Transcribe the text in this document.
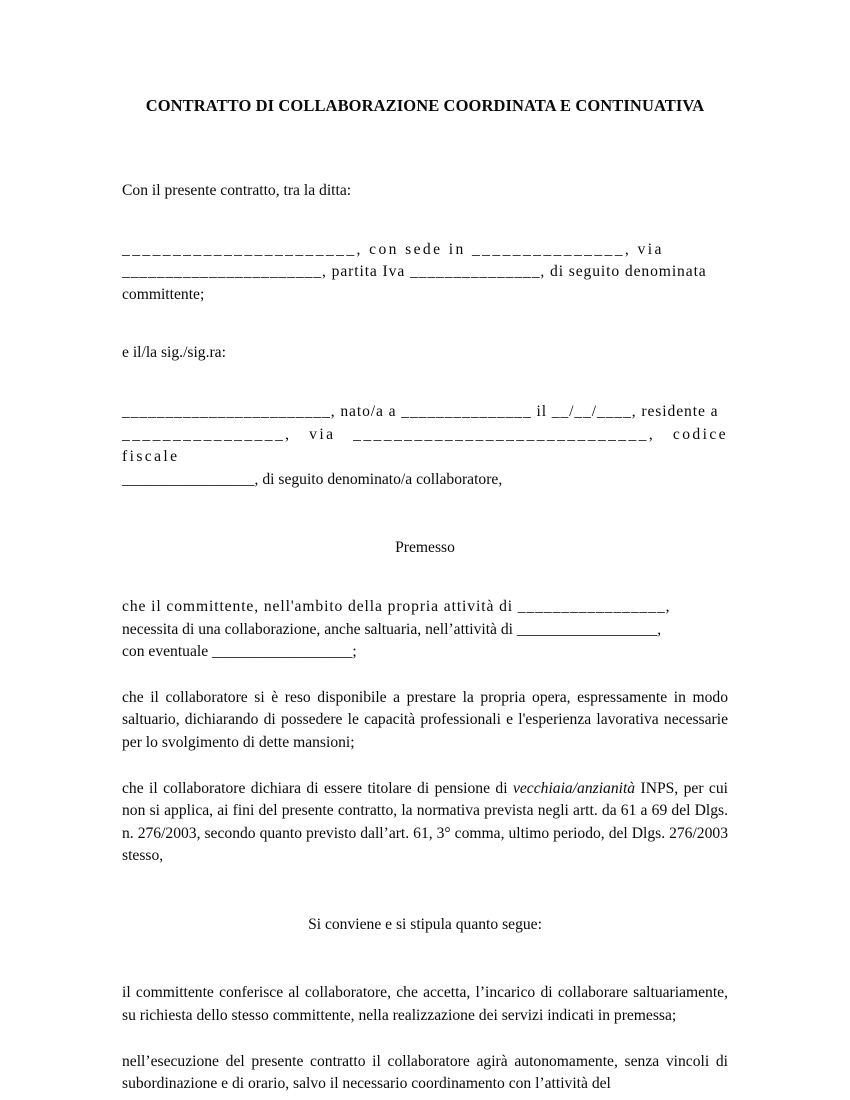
CONTRATTO DI COLLABORAZIONE COORDINATA E CONTINUATIVA

Con il presente contratto, tra la ditta:

_______________________, con sede in _______________, via

_______________________, partita Iva _______________, di seguito denominata

committente;

e il/la sig./sig.ra:

________________________, nato/a a _______________ il __/__/____, residente a

________________, via _____________________________, codice fiscale

_________________, di seguito denominato/a collaboratore,

Premesso

che il committente, nell'ambito della propria attività di _________________,

necessita di una collaborazione, anche saltuaria, nell’attività di __________________,

con eventuale __________________;

che il collaboratore si è reso disponibile a prestare la propria opera, espressamente in modo saltuario, dichiarando di possedere le capacità professionali e l'esperienza lavorativa necessarie per lo svolgimento di dette mansioni;

che il collaboratore dichiara di essere titolare di pensione di vecchiaia/anzianità INPS, per cui non si applica, ai fini del presente contratto, la normativa prevista negli artt. da 61 a 69 del Dlgs. n. 276/2003, secondo quanto previsto dall’art. 61, 3° comma, ultimo periodo, del Dlgs. 276/2003 stesso,

Si conviene e si stipula quanto segue:

il committente conferisce al collaboratore, che accetta, l’incarico di collaborare saltuariamente, su richiesta dello stesso committente, nella realizzazione dei servizi indicati in premessa;

nell’esecuzione del presente contratto il collaboratore agirà autonomamente, senza vincoli di subordinazione e di orario, salvo il necessario coordinamento con l’attività del
